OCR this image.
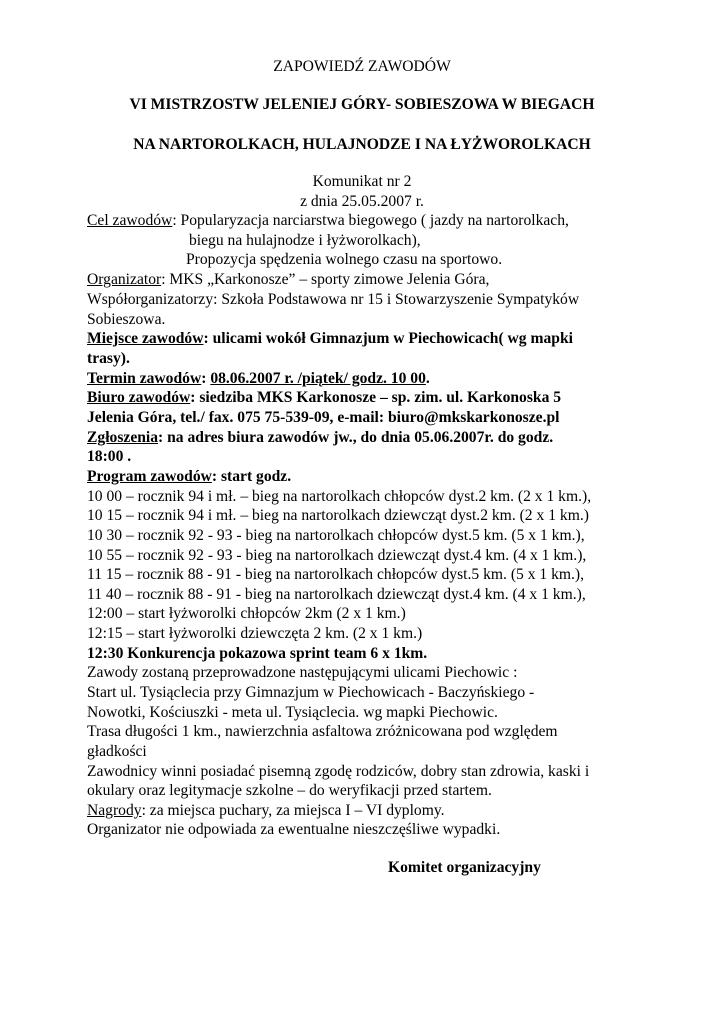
ZAPOWIEDŹ ZAWODÓW
VI MISTRZOSTW JELENIEJ GÓRY- SOBIESZOWA W BIEGACH
NA NARTOROLKACH, HULAJNODZE I NA ŁYŻWOROLKACH
Komunikat nr 2
z dnia 25.05.2007 r.
Cel zawodów: Popularyzacja narciarstwa biegowego ( jazdy na nartorolkach,
biegu na hulajnodze i łyżworolkach),
Propozycja spędzenia wolnego czasu na sportowo.
Organizator: MKS „Karkonosze” – sporty zimowe Jelenia Góra,
Współorganizatorzy: Szkoła Podstawowa nr 15 i Stowarzyszenie Sympatyków
Sobieszowa.
Miejsce zawodów: ulicami wokół Gimnazjum w Piechowicach( wg mapki
trasy).
Termin zawodów: 08.06.2007 r. /piątek/ godz. 10 00.
Biuro zawodów: siedziba MKS Karkonosze – sp. zim. ul. Karkonoska 5
Jelenia Góra, tel./ fax. 075 75-539-09, e-mail: biuro@mkskarkonosze.pl
Zgłoszenia: na adres biura zawodów jw., do dnia 05.06.2007r. do godz.
18:00 .
Program zawodów: start godz.
10 00 – rocznik 94 i mł. – bieg na nartorolkach chłopców dyst.2 km. (2 x 1 km.),
10 15 – rocznik 94 i mł. – bieg na nartorolkach dziewcząt dyst.2 km. (2 x 1 km.)
10 30 – rocznik 92 - 93 - bieg na nartorolkach chłopców dyst.5 km. (5 x 1 km.),
10 55 – rocznik 92 - 93 - bieg na nartorolkach dziewcząt dyst.4 km. (4 x 1 km.),
11 15 – rocznik 88 - 91 - bieg na nartorolkach chłopców dyst.5 km. (5 x 1 km.),
11 40 – rocznik 88 - 91 - bieg na nartorolkach dziewcząt dyst.4 km. (4 x 1 km.),
12:00 – start łyżworolki chłopców 2km (2 x 1 km.)
12:15 – start łyżworolki dziewczęta 2 km. (2 x 1 km.)
12:30 Konkurencja pokazowa sprint team 6 x 1km.
Zawody zostaną przeprowadzone następującymi ulicami Piechowic :
Start ul. Tysiąclecia przy Gimnazjum w Piechowicach - Baczyńskiego -
Nowotki, Kościuszki - meta ul. Tysiąclecia. wg mapki Piechowic.
Trasa długości 1 km., nawierzchnia asfaltowa zróżnicowana pod względem
gładkości
Zawodnicy winni posiadać pisemną zgodę rodziców, dobry stan zdrowia, kaski i
okulary oraz legitymacje szkolne – do weryfikacji przed startem.
Nagrody: za miejsca puchary, za miejsca I – VI dyplomy.
Organizator nie odpowiada za ewentualne nieszczęśliwe wypadki.
Komitet organizacyjny
